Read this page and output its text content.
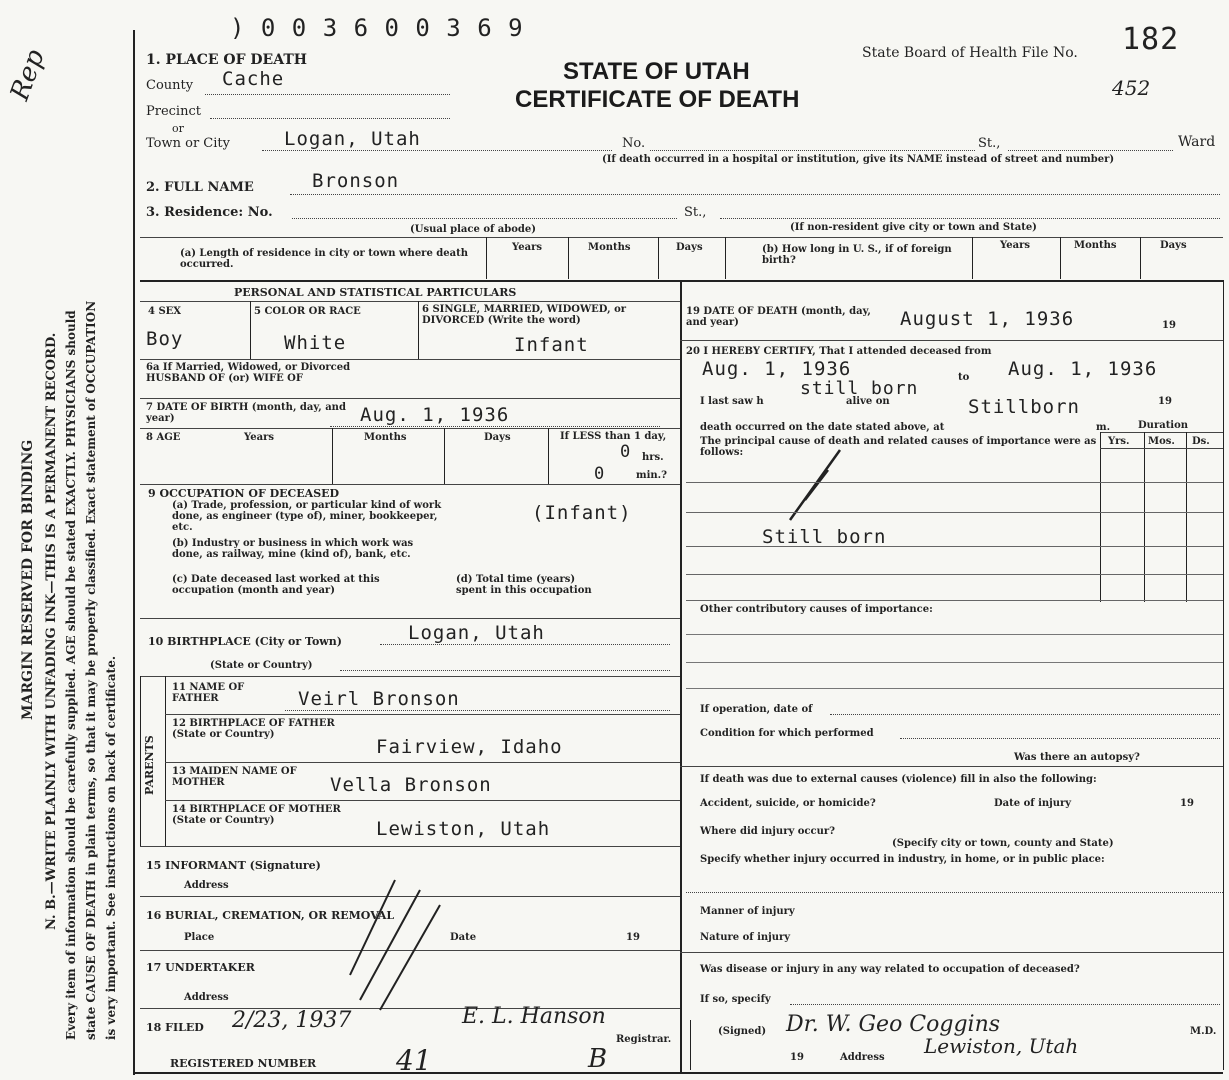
MARGIN RESERVED FOR BINDING N. B.—WRITE PLAINLY WITH UNFADING INK—THIS IS A PERMANENT RECORD. Every item of information should be carefully supplied. AGE should be stated EXACTLY. PHYSICIANS should state CAUSE OF DEATH in plain terms, so that it may be properly classified. Exact statement of OCCUPATION is very important. See instructions on back of certificate.
Rep
) 0 0 3 6 0 0 3 6 9
STATE OF UTAH
CERTIFICATE OF DEATH
State Board of Health File No. 182
452
1. PLACE OF DEATH
County Cache
Precinct
or
Town or City	Logan, Utah	No.	St.,	Ward
(If death occurred in a hospital or institution, give its NAME instead of street and number)
2. FULL NAME	Bronson
3. Residence: No.	St.,
(Usual place of abode)	(If non-resident give city or town and State)
(a) Length of residence in city or town where death occurred.
Years	Months	Days	(b) How long in U. S., if of foreign birth?
Years	Months	Days
PERSONAL AND STATISTICAL PARTICULARS
4 SEX
Boy
5 COLOR OR RACE
White
6 SINGLE, MARRIED, WIDOWED, or DIVORCED (Write the word)
Infant
6a If Married, Widowed, or Divorced HUSBAND OF (or) WIFE OF
7 DATE OF BIRTH (month, day, and year)	Aug. 1, 1936
8 AGE	Years	Months	Days	If LESS than 1 day,
0 hrs.
0	min.?
9 OCCUPATION OF DECEASED
(a) Trade, profession, or particular kind of work done, as engineer (type of), miner, bookkeeper, etc.
(Infant)
(b) Industry or business in which work was done, as railway, mine (kind of), bank, etc.
(c) Date deceased last worked at this occupation (month and year)
(d) Total time (years) spent in this occupation
10 BIRTHPLACE (City or Town)	Logan, Utah
(State or Country)
PARENTS
11 NAME OF FATHER	Veirl Bronson
12 BIRTHPLACE OF FATHER (State or Country)
Fairview, Idaho
13 MAIDEN NAME OF MOTHER	Vella Bronson
14 BIRTHPLACE OF MOTHER (State or Country)	Lewiston, Utah
15 INFORMANT (Signature)
Address
16 BURIAL, CREMATION, OR REMOVAL
Place	Date	19
17 UNDERTAKER
Address
18 FILED 2/23, 1937	E. L. Hanson
Registrar.
REGISTERED NUMBER	41	B
19 DATE OF DEATH (month, day, and year)	August 1, 1936	19
20 I HEREBY CERTIFY, That I attended deceased from
Aug. 1, 1936	to Aug. 1, 1936
still born
I last saw h	alive on	Stillborn	19
death occurred on the date stated above, at	m.	Duration
The principal cause of death and related causes of importance were as follows:
Yrs. Mos. Ds.
Still born
Other contributory causes of importance:
If operation, date of
Condition for which performed
Was there an autopsy?
If death was due to external causes (violence) fill in also the following:
Accident, suicide, or homicide?	Date of injury	19
Where did injury occur?
(Specify city or town, county and State)
Specify whether injury occurred in industry, in home, or in public place:
Manner of injury
Nature of injury
Was disease or injury in any way related to occupation of deceased?
If so, specify
(Signed) Dr. W. Geo Coggins	M.D.
19	Address Lewiston, Utah
